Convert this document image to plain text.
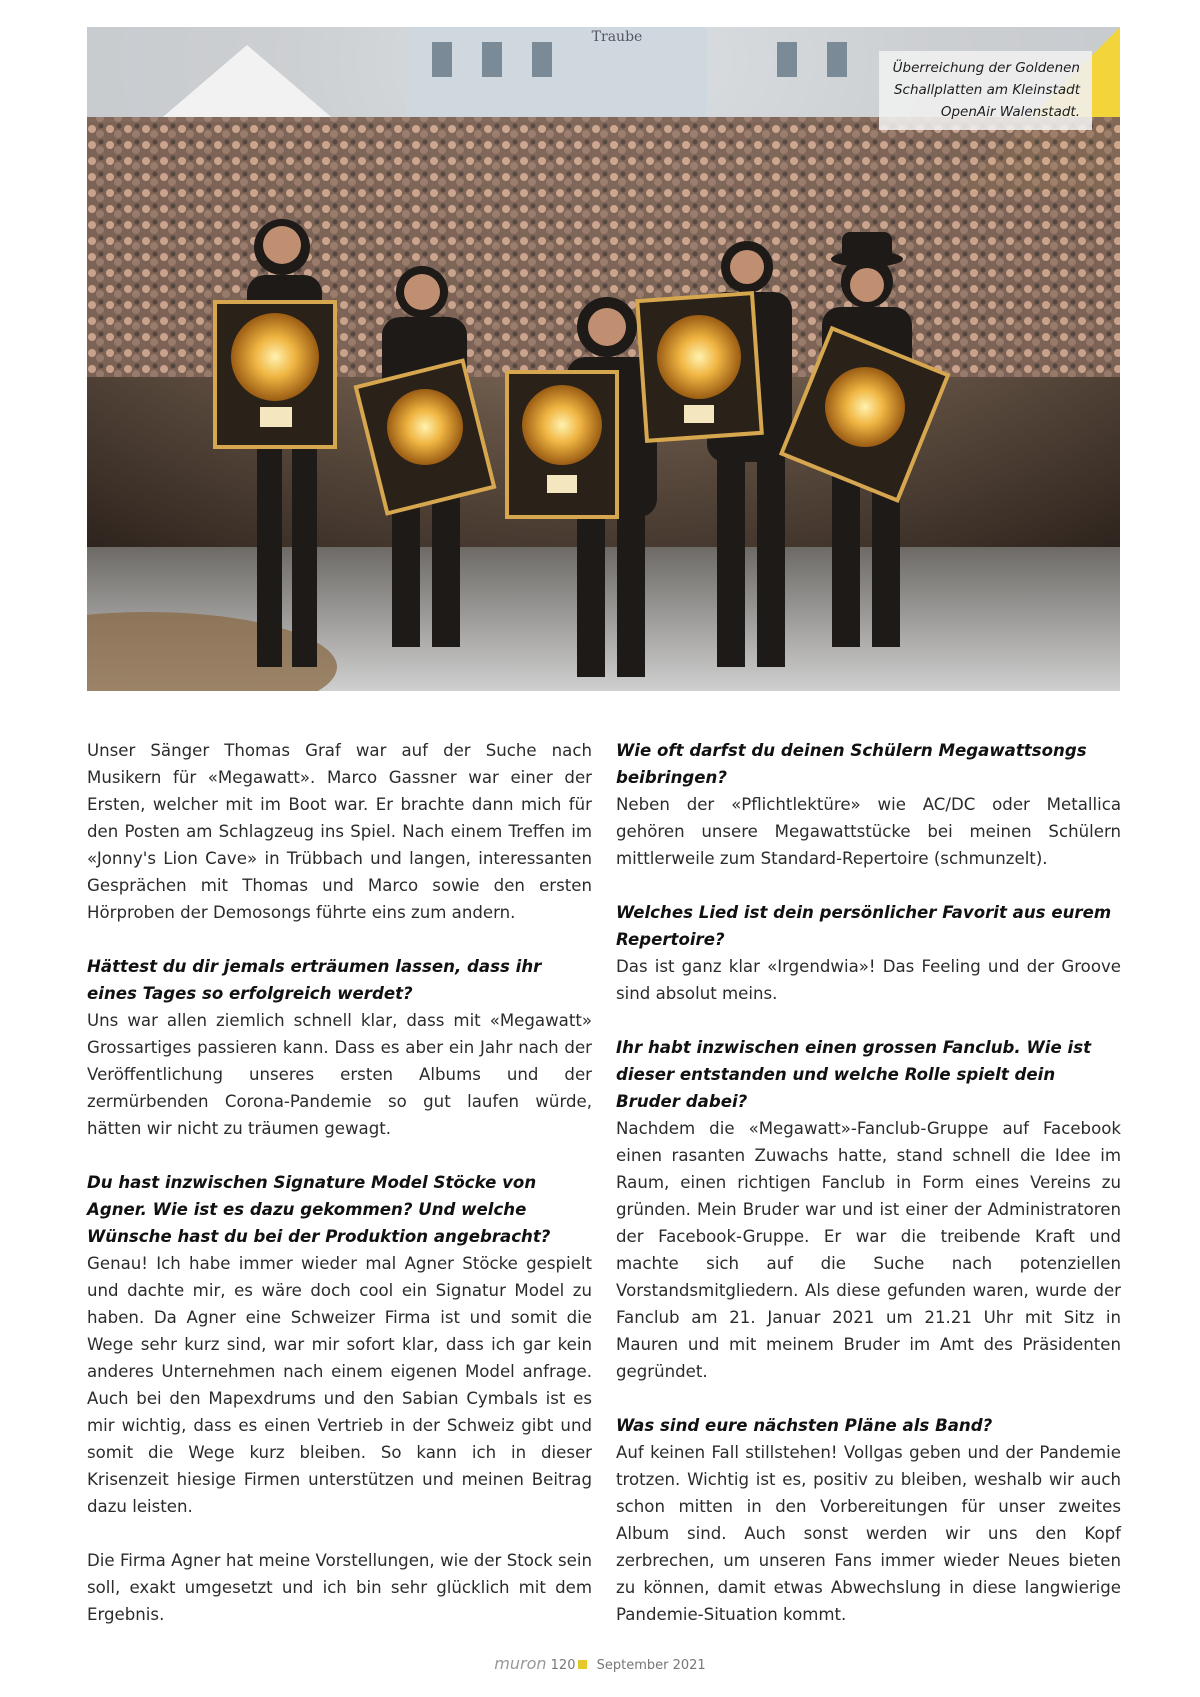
Traube
Überreichung der Goldenen
Schallplatten am Kleinstadt
OpenAir Walenstadt.
Unser Sänger Thomas Graf war auf der Suche nach Musikern für «Megawatt». Marco Gassner war einer der Ersten, welcher mit im Boot war. Er brachte dann mich für den Posten am Schlagzeug ins Spiel. Nach einem Treffen im «Jonny's Lion Cave» in Trübbach und langen, interessanten Gesprächen mit Thomas und Marco sowie den ersten Hörproben der Demosongs führte eins zum andern.
Hättest du dir jemals erträumen lassen, dass ihr eines Tages so erfolgreich werdet?
Uns war allen ziemlich schnell klar, dass mit «Megawatt» Grossartiges passieren kann. Dass es aber ein Jahr nach der Veröffentlichung unseres ersten Albums und der zermürbenden Corona-Pandemie so gut laufen würde, hätten wir nicht zu träumen gewagt.
Du hast inzwischen Signature Model Stöcke von Agner. Wie ist es dazu gekommen? Und welche Wünsche hast du bei der Produktion angebracht?
Genau! Ich habe immer wieder mal Agner Stöcke gespielt und dachte mir, es wäre doch cool ein Signatur Model zu haben. Da Agner eine Schweizer Firma ist und somit die Wege sehr kurz sind, war mir sofort klar, dass ich gar kein anderes Unternehmen nach einem eigenen Model anfrage. Auch bei den Mapexdrums und den Sabian Cymbals ist es mir wichtig, dass es einen Vertrieb in der Schweiz gibt und somit die Wege kurz bleiben. So kann ich in dieser Krisenzeit hiesige Firmen unterstützen und meinen Beitrag dazu leisten.
Die Firma Agner hat meine Vorstellungen, wie der Stock sein soll, exakt umgesetzt und ich bin sehr glücklich mit dem Ergebnis.
Wie oft darfst du deinen Schülern Megawattsongs beibringen?
Neben der «Pflichtlektüre» wie AC/DC oder Metallica gehören unsere Megawattstücke bei meinen Schülern mittlerweile zum Standard-Repertoire (schmunzelt).
Welches Lied ist dein persönlicher Favorit aus eurem Repertoire?
Das ist ganz klar «Irgendwia»! Das Feeling und der Groove sind absolut meins.
Ihr habt inzwischen einen grossen Fanclub. Wie ist dieser entstanden und welche Rolle spielt dein Bruder dabei?
Nachdem die «Megawatt»-Fanclub-Gruppe auf Facebook einen rasanten Zuwachs hatte, stand schnell die Idee im Raum, einen richtigen Fanclub in Form eines Vereins zu gründen. Mein Bruder war und ist einer der Administratoren der Facebook-Gruppe. Er war die treibende Kraft und machte sich auf die Suche nach potenziellen Vorstandsmitgliedern. Als diese gefunden waren, wurde der Fanclub am 21. Januar 2021 um 21.21 Uhr mit Sitz in Mauren und mit meinem Bruder im Amt des Präsidenten gegründet.
Was sind eure nächsten Pläne als Band?
Auf keinen Fall stillstehen! Vollgas geben und der Pandemie trotzen. Wichtig ist es, positiv zu bleiben, weshalb wir auch schon mitten in den Vorbereitungen für unser zweites Album sind. Auch sonst werden wir uns den Kopf zerbrechen, um unseren Fans immer wieder Neues bieten zu können, damit etwas Abwechslung in diese langwierige Pandemie-Situation kommt.
muron 120 September 2021
